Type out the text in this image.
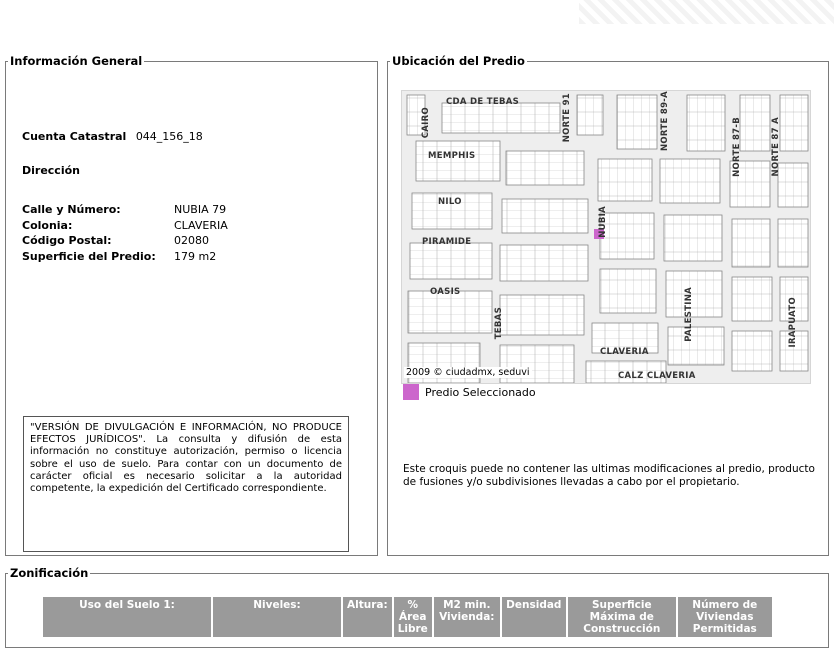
Información General
Cuenta Catastral 044_156_18
Dirección
Calle y Número:	NUBIA 79
Colonia:	CLAVERIA
Código Postal:	02080
Superficie del Predio: 179 m2
"VERSIÓN DE DIVULGACIÓN E INFORMACIÓN, NO PRODUCE EFECTOS JURÍDICOS". La consulta y difusión de esta información no constituye autorización, permiso o licencia sobre el uso de suelo. Para contar con un documento de carácter oficial es necesario solicitar a la autoridad competente, la expedición del Certificado correspondiente.
Ubicación del Predio
CDA DE TEBAS
CAIRO	NORTE 91	NORTE 89-A
MEMPHIS	NORTE 87-B	NORTE 87 A
NILO
NUBIA
PIRAMIDE
OASIS
TEBAS	PALESTINA	IRAPUATO
CLAVERIA
CALZ CLAVERIA
2009 © ciudadmx, seduvi
Predio Seleccionado
Este croquis puede no contener las ultimas modificaciones al predio, producto de fusiones y/o subdivisiones llevadas a cabo por el propietario.
Zonificación
Uso del Suelo 1:	Niveles:	Altura:	% Área Libre	M2 min. Vivienda:	Densidad	Superficie Máxima de Construcción	Número de Viviendas Permitidas
